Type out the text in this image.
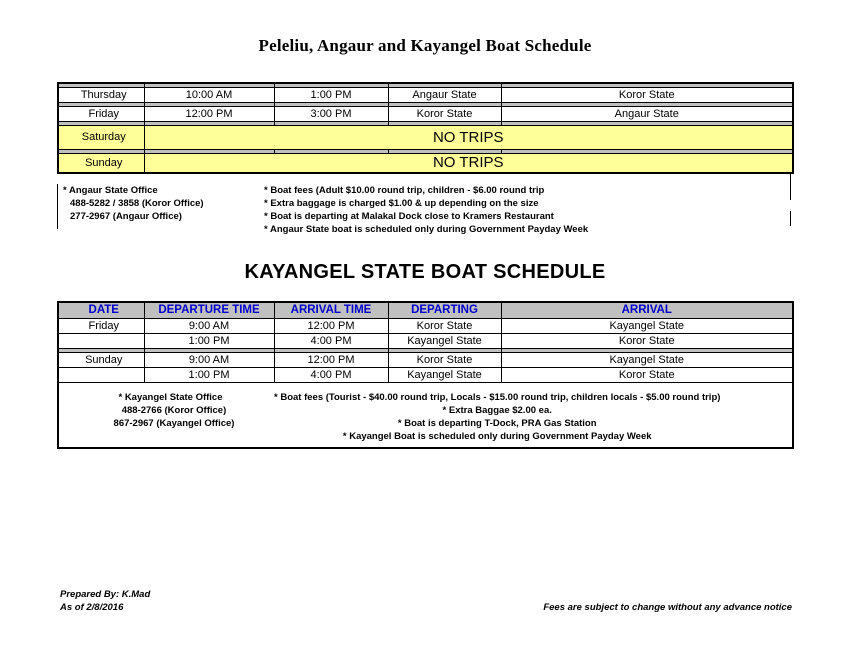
Peleliu, Angaur and Kayangel Boat Schedule

Thursday	10:00 AM	1:00 PM	Angaur State	Koror State

Friday	12:00 PM	3:00 PM	Koror State	Angaur State

Saturday	NO TRIPS			

Sunday	NO TRIPS			
* Angaur State Office
488-5282 / 3858 (Koror Office)
277-2967 (Angaur Office)
* Boat fees (Adult $10.00 round trip, children - $6.00 round trip
* Extra baggage is charged $1.00 & up depending on the size
* Boat is departing at Malakal Dock close to Kramers Restaurant
* Angaur State boat is scheduled only during Government Payday Week
KAYANGEL STATE BOAT SCHEDULE
DATE	DEPARTURE TIME	ARRIVAL TIME	DEPARTING	ARRIVAL
Friday	9:00 AM	12:00 PM	Koror State	Kayangel State
	1:00 PM	4:00 PM	Kayangel State	Koror State

Sunday	9:00 AM	12:00 PM	Koror State	Kayangel State
	1:00 PM	4:00 PM	Kayangel State	Koror State

* Kayangel State Office
488-2766 (Koror Office)
867-2967 (Kayangel Office)
* Boat fees (Tourist - $40.00 round trip, Locals - $15.00 round trip, children locals - $5.00 round trip)
* Extra Baggae $2.00 ea.
* Boat is departing T-Dock, PRA Gas Station
* Kayangel Boat is scheduled only during Government Payday Week
Prepared By: K.Mad
As of 2/8/2016	Fees are subject to change without any advance notice
